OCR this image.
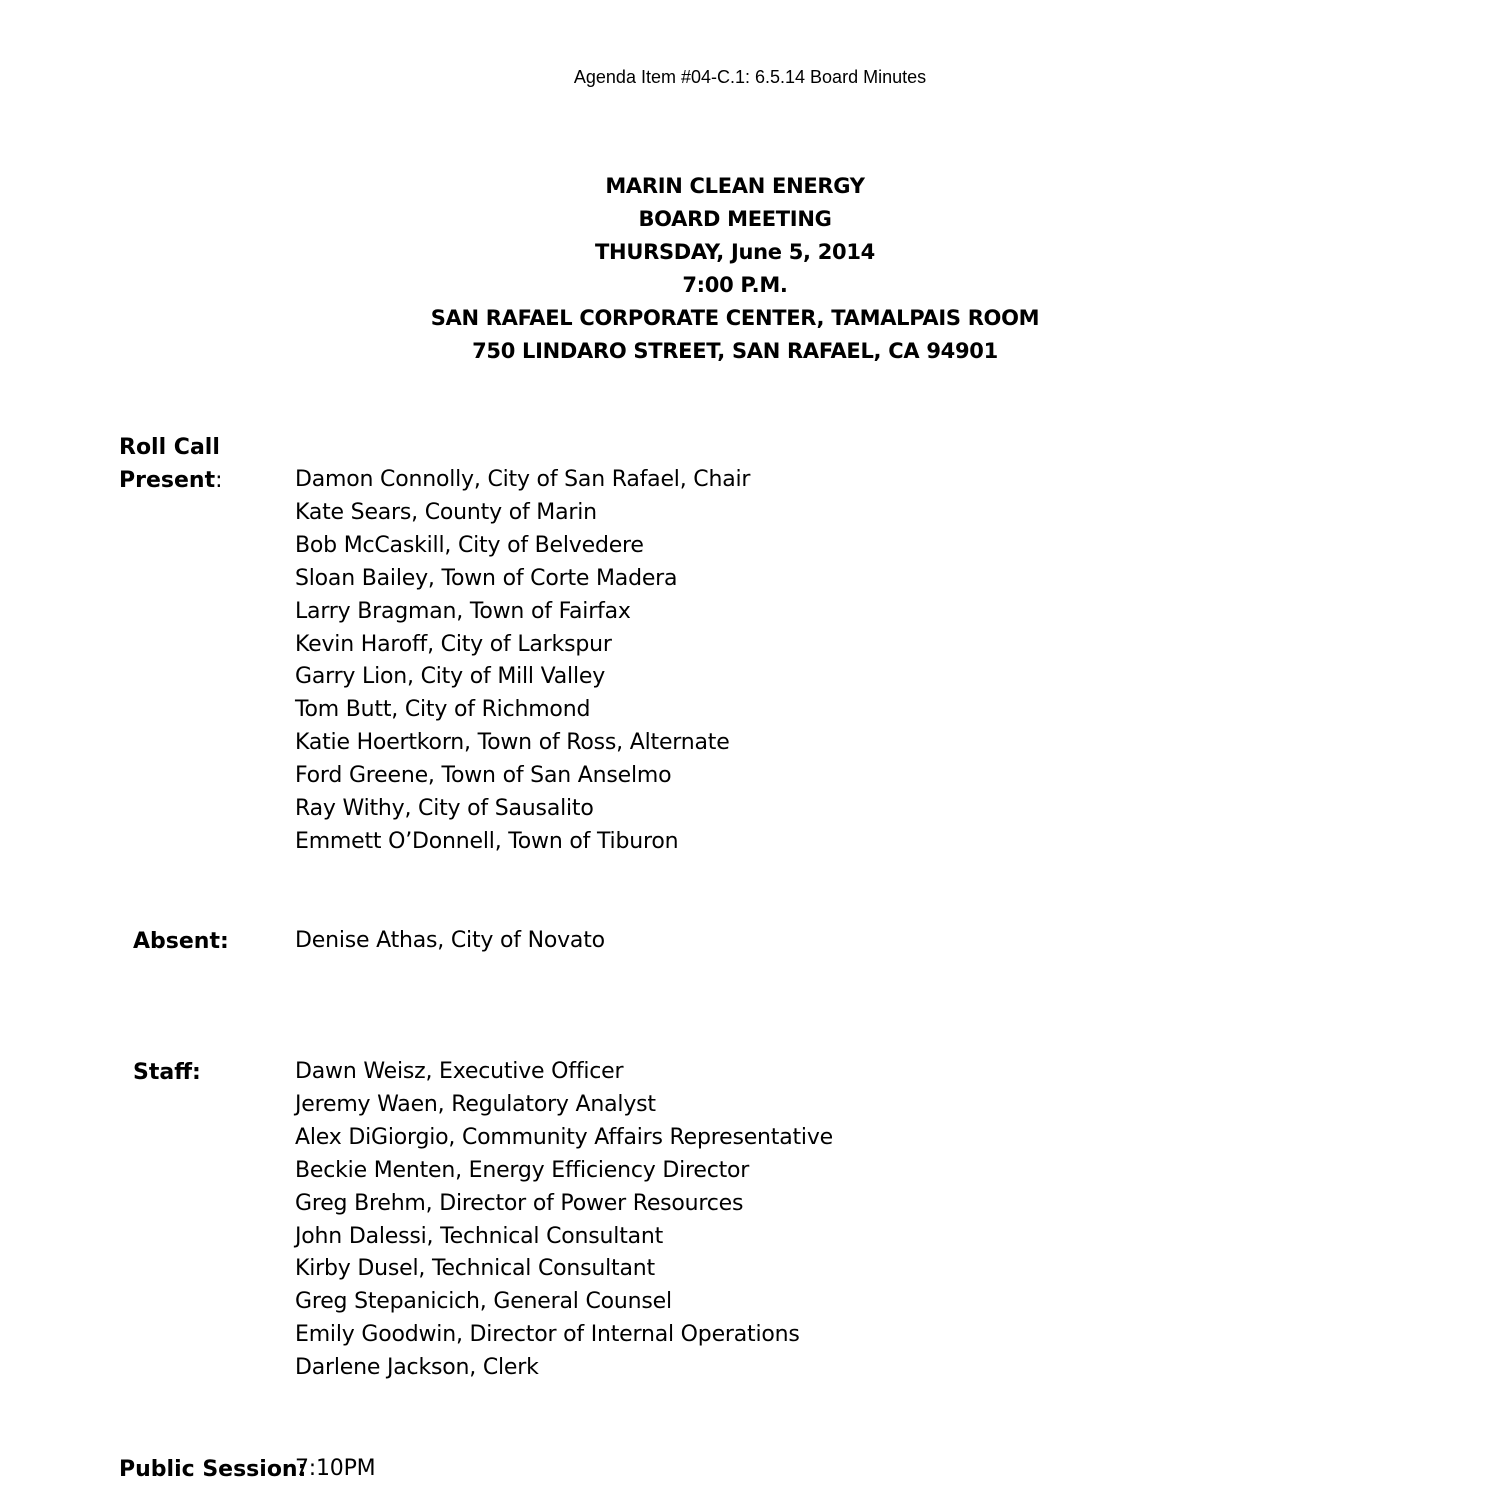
Agenda Item #04-C.1: 6.5.14 Board Minutes
MARIN CLEAN ENERGY
BOARD MEETING
THURSDAY, June 5, 2014
7:00 P.M.
SAN RAFAEL CORPORATE CENTER, TAMALPAIS ROOM
750 LINDARO STREET, SAN RAFAEL, CA 94901
Roll Call
Present:	Damon Connolly, City of San Rafael, Chair
Kate Sears, County of Marin
Bob McCaskill, City of Belvedere
Sloan Bailey, Town of Corte Madera
Larry Bragman, Town of Fairfax
Kevin Haroff, City of Larkspur
Garry Lion, City of Mill Valley
Tom Butt, City of Richmond
Katie Hoertkorn, Town of Ross, Alternate
Ford Greene, Town of San Anselmo
Ray Withy, City of Sausalito
Emmett O’Donnell, Town of Tiburon
Absent:	Denise Athas, City of Novato
Staff:	Dawn Weisz, Executive Officer
Jeremy Waen, Regulatory Analyst
Alex DiGiorgio, Community Affairs Representative
Beckie Menten, Energy Efficiency Director
Greg Brehm, Director of Power Resources
John Dalessi, Technical Consultant
Kirby Dusel, Technical Consultant
Greg Stepanicich, General Counsel
Emily Goodwin, Director of Internal Operations
Darlene Jackson, Clerk
Public Session:
7:10PM
